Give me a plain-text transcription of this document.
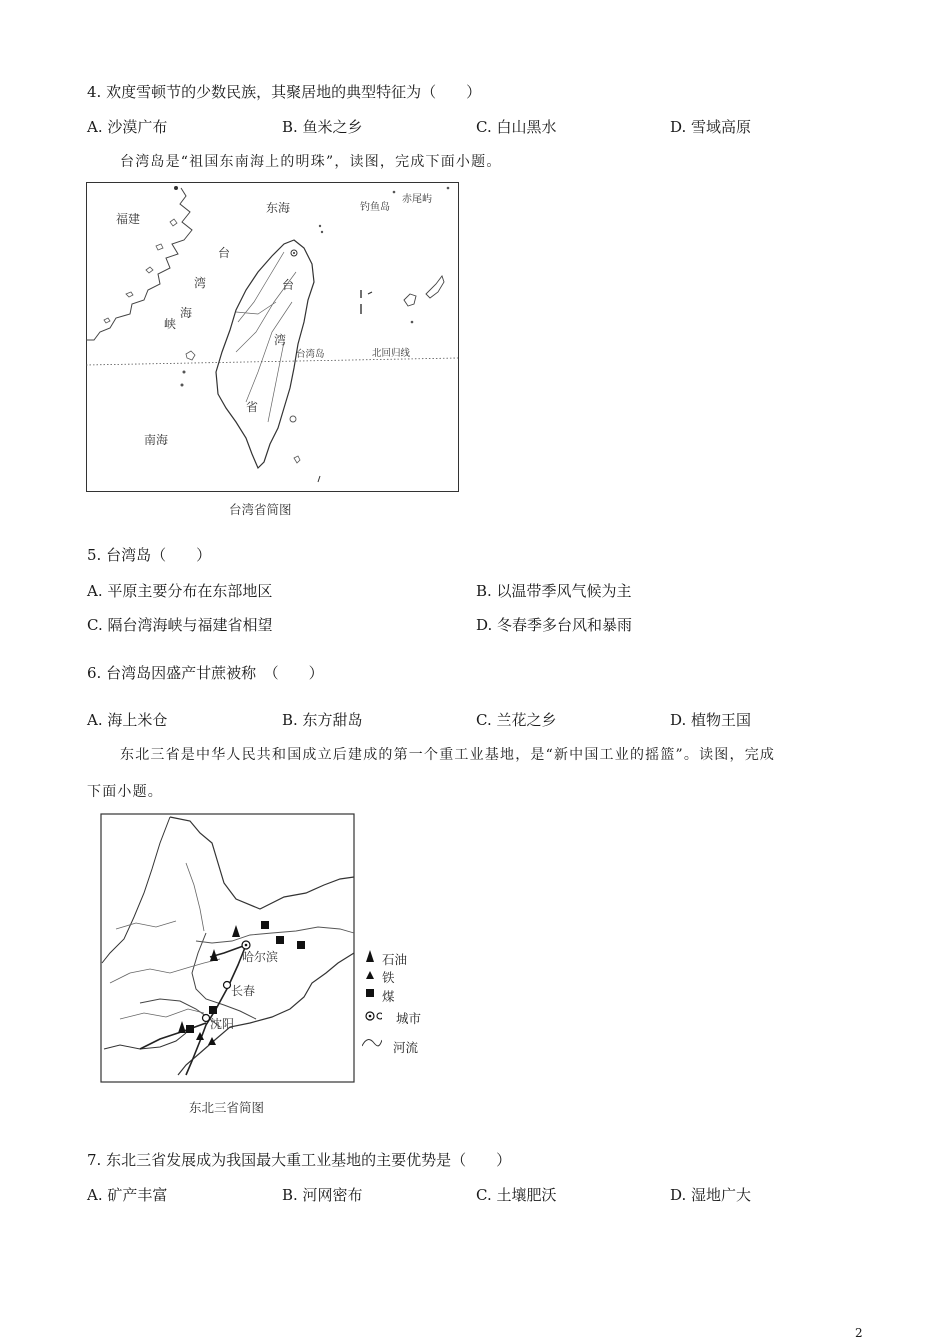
4. 欢度雪顿节的少数民族，其聚居地的典型特征为（　　）
A. 沙漠广布	B. 鱼米之乡	C. 白山黑水	D. 雪域高原
台湾岛是“祖国东南海上的明珠”，读图，完成下面小题。
福建
东海	钓鱼岛
赤尾屿
台
湾
海
峡
台
湾
省
台湾岛	北回归线
南海
台湾省简图
5. 台湾岛（　　）
A. 平原主要分布在东部地区	B. 以温带季风气候为主
C. 隔台湾海峡与福建省相望	D. 冬春季多台风和暴雨
6. 台湾岛因盛产甘蔗被称　（　　）
A. 海上米仓	B. 东方甜岛	C. 兰花之乡	D. 植物王国
东北三省是中华人民共和国成立后建成的第一个重工业基地，是“新中国工业的摇篮”。读图，完成
下面小题。
哈尔滨
长春
沈阳
石油
铁
煤
城市
河流
东北三省简图
7. 东北三省发展成为我国最大重工业基地的主要优势是（　　）
A. 矿产丰富	B. 河网密布	C. 土壤肥沃	D. 湿地广大
2
